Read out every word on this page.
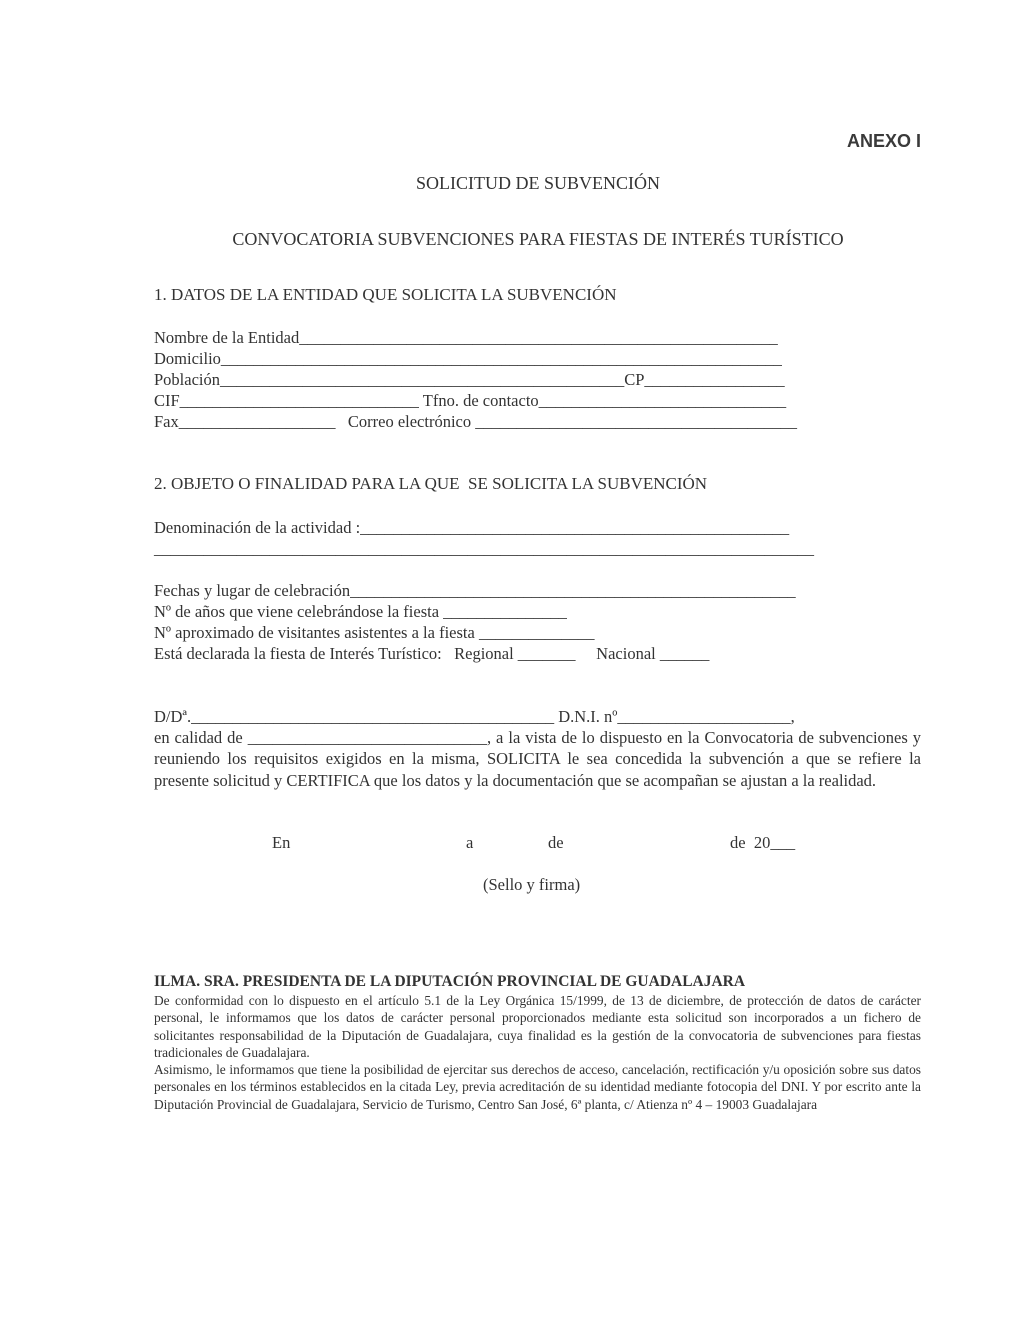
ANEXO I
SOLICITUD DE SUBVENCIÓN
CONVOCATORIA SUBVENCIONES PARA FIESTAS DE INTERÉS TURÍSTICO
1. DATOS DE LA ENTIDAD QUE SOLICITA LA SUBVENCIÓN
Nombre de la Entidad__________________________________________________________
Domicilio____________________________________________________________________
Población_________________________________________________CP_________________
CIF_____________________________ Tfno. de contacto______________________________
Fax___________________   Correo electrónico _______________________________________
2. OBJETO O FINALIDAD PARA LA QUE  SE SOLICITA LA SUBVENCIÓN
Denominación de la actividad :____________________________________________________
________________________________________________________________________________
Fechas y lugar de celebración______________________________________________________
Nº de años que viene celebrándose la fiesta _______________
Nº aproximado de visitantes asistentes a la fiesta ______________
Está declarada la fiesta de Interés Turístico:   Regional _______     Nacional ______
D/Dª.____________________________________________ D.N.I. nº_____________________,
en calidad de _____________________________, a la vista de lo dispuesto en la Convocatoria de subvenciones y reuniendo los requisitos exigidos en la misma, SOLICITA le sea concedida la subvención a que se refiere la presente solicitud y CERTIFICA que los datos y la documentación que se acompañan se ajustan a la realidad.
En	a	de	de  20___
(Sello y firma)
ILMA. SRA. PRESIDENTA DE LA DIPUTACIÓN PROVINCIAL DE GUADALAJARA

De conformidad con lo dispuesto en el artículo 5.1 de la Ley Orgánica 15/1999, de 13 de diciembre, de protección de datos de carácter personal, le informamos que los datos de carácter personal proporcionados mediante esta solicitud son incorporados a un fichero de solicitantes responsabilidad de la Diputación de Guadalajara, cuya finalidad es la gestión de la convocatoria de subvenciones para fiestas tradicionales de Guadalajara.

Asimismo, le informamos que tiene la posibilidad de ejercitar sus derechos de acceso, cancelación, rectificación y/u oposición sobre sus datos personales en los términos establecidos en la citada Ley, previa acreditación de su identidad mediante fotocopia del DNI. Y por escrito ante la Diputación Provincial de Guadalajara, Servicio de Turismo, Centro San José, 6ª planta, c/ Atienza nº 4 – 19003 Guadalajara
